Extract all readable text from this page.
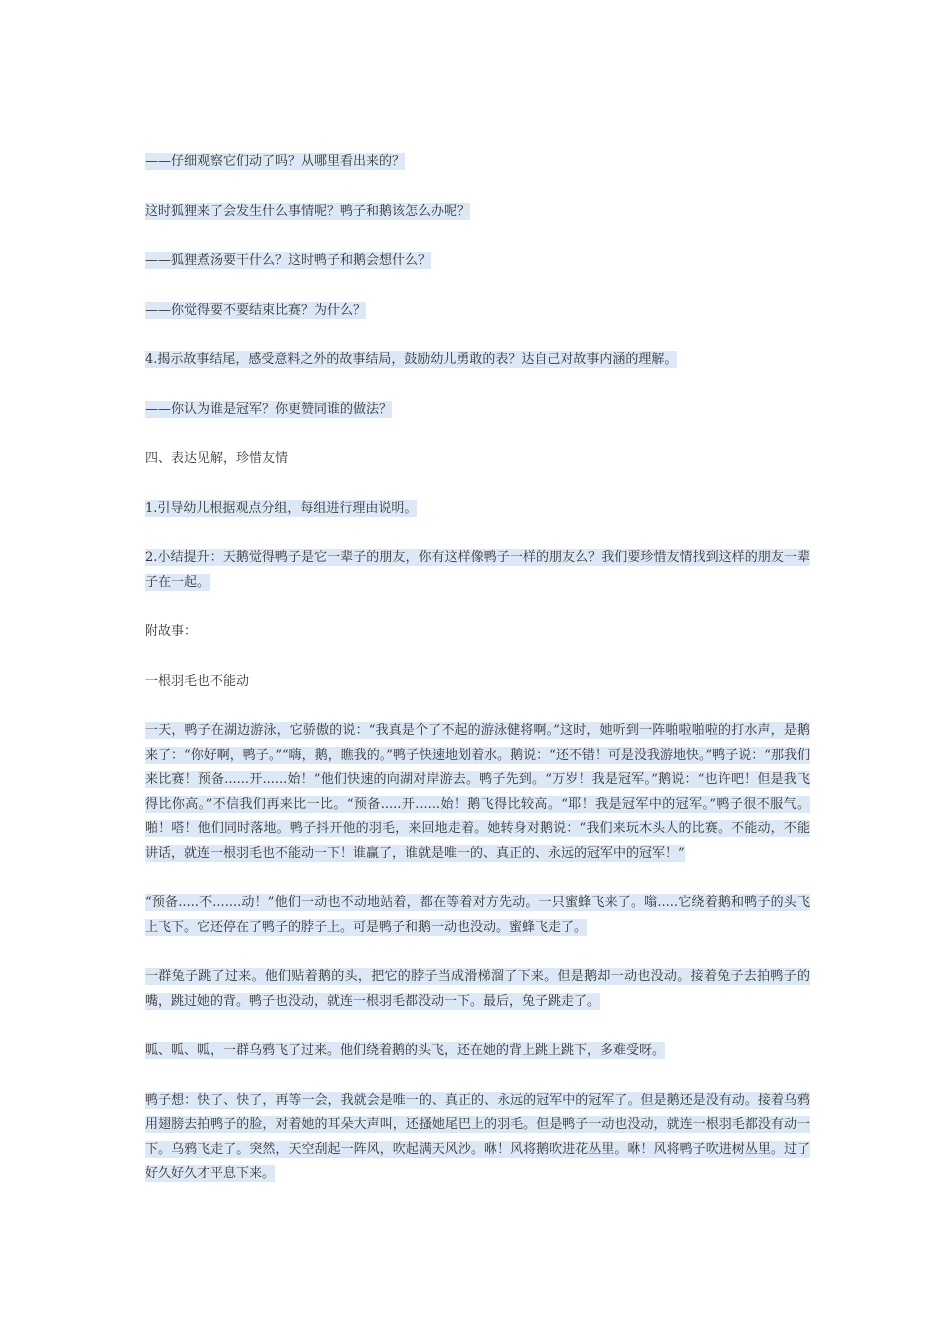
——仔细观察它们动了吗？从哪里看出来的？

这时狐狸来了会发生什么事情呢？鸭子和鹅该怎么办呢？

——狐狸煮汤要干什么？这时鸭子和鹅会想什么？

——你觉得要不要结束比赛？为什么？

4.揭示故事结尾，感受意料之外的故事结局，鼓励幼儿勇敢的表？达自己对故事内涵的理解。

——你认为谁是冠军？你更赞同谁的做法？

四、表达见解，珍惜友情

1.引导幼儿根据观点分组，每组进行理由说明。

2.小结提升：天鹅觉得鸭子是它一辈子的朋友，你有这样像鸭子一样的朋友么？我们要珍惜友情找到这样的朋友一辈子在一起。

附故事：

一根羽毛也不能动

一天，鸭子在湖边游泳，它骄傲的说：“我真是个了不起的游泳健将啊。”这时，她听到一阵啪啦啪啦的打水声，是鹅来了：“你好啊，鸭子。”“嗨，鹅，瞧我的。”鸭子快速地划着水。鹅说：“还不错！可是没我游地快。”鸭子说：“那我们来比赛！预备......开......始！”他们快速的向湖对岸游去。鸭子先到。“万岁！我是冠军。”鹅说：“也许吧！但是我飞得比你高。”不信我们再来比一比。“预备.....开......始！鹅飞得比较高。“耶！我是冠军中的冠军。”鸭子很不服气。啪！嗒！他们同时落地。鸭子抖开他的羽毛，来回地走着。她转身对鹅说：“我们来玩木头人的比赛。不能动，不能讲话，就连一根羽毛也不能动一下！谁赢了，谁就是唯一的、真正的、永远的冠军中的冠军！”

“预备.....不.......动！”他们一动也不动地站着，都在等着对方先动。一只蜜蜂飞来了。嗡.....它绕着鹅和鸭子的头飞上飞下。它还停在了鸭子的脖子上。可是鸭子和鹅一动也没动。蜜蜂飞走了。

一群兔子跳了过来。他们贴着鹅的头，把它的脖子当成滑梯溜了下来。但是鹅却一动也没动。接着兔子去拍鸭子的嘴，跳过她的背。鸭子也没动，就连一根羽毛都没动一下。最后，兔子跳走了。

呱、呱、呱，一群乌鸦飞了过来。他们绕着鹅的头飞，还在她的背上跳上跳下，多难受呀。

鸭子想：快了、快了，再等一会，我就会是唯一的、真正的、永远的冠军中的冠军了。但是鹅还是没有动。接着乌鸦用翅膀去拍鸭子的脸，对着她的耳朵大声叫，还搔她尾巴上的羽毛。但是鸭子一动也没动，就连一根羽毛都没有动一下。乌鸦飞走了。突然，天空刮起一阵风，吹起满天风沙。咻！风将鹅吹进花丛里。咻！风将鸭子吹进树丛里。过了好久好久才平息下来。
